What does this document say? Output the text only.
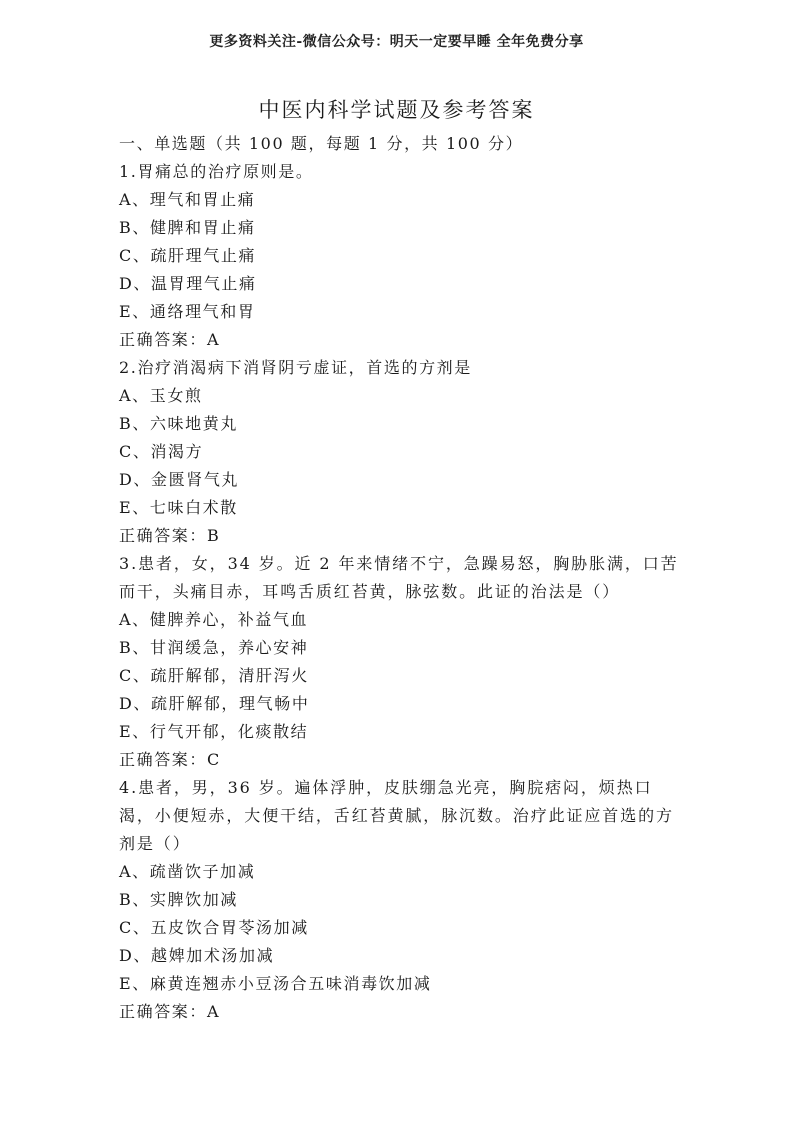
更多资料关注-微信公众号：明天一定要早睡 全年免费分享
中医内科学试题及参考答案
一、单选题（共 100 题，每题 1 分，共 100 分）
1.胃痛总的治疗原则是。
A、理气和胃止痛
B、健脾和胃止痛
C、疏肝理气止痛
D、温胃理气止痛
E、通络理气和胃
正确答案：A
2.治疗消渴病下消肾阴亏虚证，首选的方剂是
A、玉女煎
B、六味地黄丸
C、消渴方
D、金匮肾气丸
E、七味白术散
正确答案：B
3.患者，女，34 岁。近 2 年来情绪不宁，急躁易怒，胸胁胀满，口苦而干，头痛目赤，耳鸣舌质红苔黄，脉弦数。此证的治法是（）
A、健脾养心，补益气血
B、甘润缓急，养心安神
C、疏肝解郁，清肝泻火
D、疏肝解郁，理气畅中
E、行气开郁，化痰散结
正确答案：C
4.患者，男，36 岁。遍体浮肿，皮肤绷急光亮，胸脘痞闷，烦热口渴，小便短赤，大便干结，舌红苔黄腻，脉沉数。治疗此证应首选的方剂是（）
A、疏凿饮子加减
B、实脾饮加减
C、五皮饮合胃苓汤加减
D、越婢加术汤加减
E、麻黄连翘赤小豆汤合五味消毒饮加减
正确答案：A
